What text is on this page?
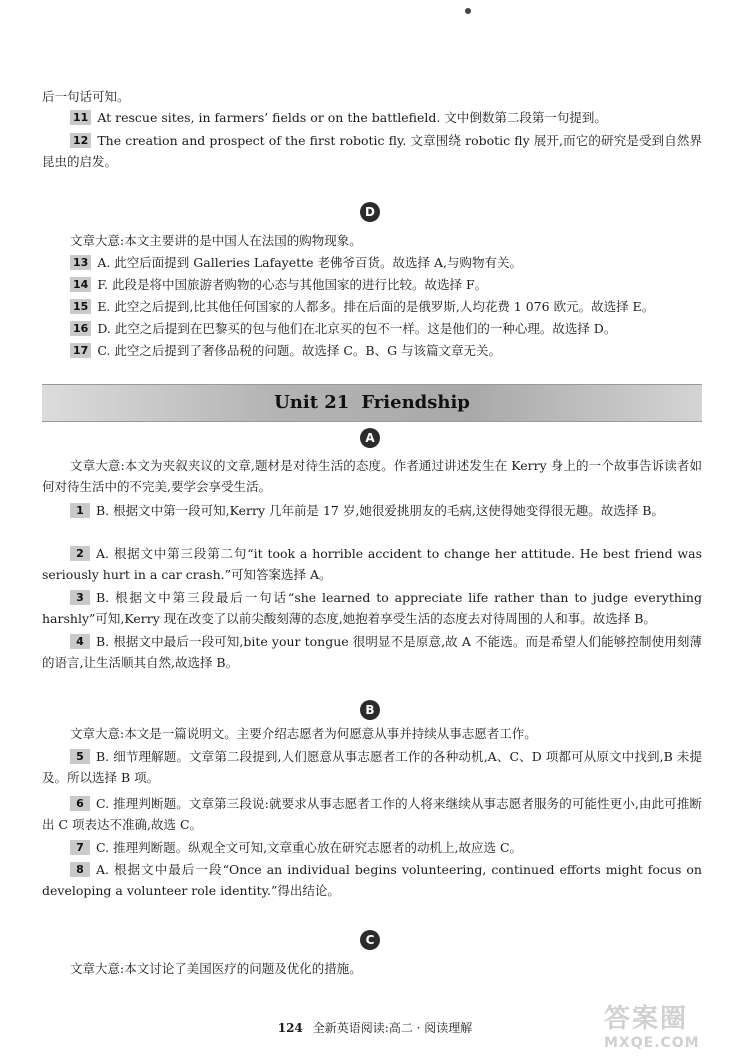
后一句话可知。
11 At rescue sites, in farmers’ fields or on the battlefield. 文中倒数第二段第一句提到。
12 The creation and prospect of the first robotic fly. 文章围绕 robotic fly 展开,而它的研究是受到自然界昆虫的启发。
D
文章大意:本文主要讲的是中国人在法国的购物现象。
13 A. 此空后面提到 Galleries Lafayette 老佛爷百货。故选择 A,与购物有关。
14 F. 此段是将中国旅游者购物的心态与其他国家的进行比较。故选择 F。
15 E. 此空之后提到,比其他任何国家的人都多。排在后面的是俄罗斯,人均花费 1 076 欧元。故选择 E。
16 D. 此空之后提到在巴黎买的包与他们在北京买的包不一样。这是他们的一种心理。故选择 D。
17 C. 此空之后提到了奢侈品税的问题。故选择 C。B、G 与该篇文章无关。
Unit 21 Friendship
A
文章大意:本文为夹叙夹议的文章,题材是对待生活的态度。作者通过讲述发生在 Kerry 身上的一个故事告诉读者如何对待生活中的不完美,要学会享受生活。
1 B. 根据文中第一段可知,Kerry 几年前是 17 岁,她很爱挑朋友的毛病,这使得她变得很无趣。故选择 B。
2 A. 根据文中第三段第二句“it took a horrible accident to change her attitude. He best friend was seriously hurt in a car crash.”可知答案选择 A。
3 B. 根据文中第三段最后一句话“she learned to appreciate life rather than to judge everything harshly”可知,Kerry 现在改变了以前尖酸刻薄的态度,她抱着享受生活的态度去对待周围的人和事。故选择 B。
4 B. 根据文中最后一段可知,bite your tongue 很明显不是原意,故 A 不能选。而是希望人们能够控制使用刻薄的语言,让生活顺其自然,故选择 B。
B
文章大意:本文是一篇说明文。主要介绍志愿者为何愿意从事并持续从事志愿者工作。
5 B. 细节理解题。文章第二段提到,人们愿意从事志愿者工作的各种动机,A、C、D 项都可从原文中找到,B 未提及。所以选择 B 项。
6 C. 推理判断题。文章第三段说:就要求从事志愿者工作的人将来继续从事志愿者服务的可能性更小,由此可推断出 C 项表达不准确,故选 C。
7 C. 推理判断题。纵观全文可知,文章重心放在研究志愿者的动机上,故应选 C。
8 A. 根据文中最后一段“Once an individual begins volunteering, continued efforts might focus on developing a volunteer role identity.”得出结论。
C
文章大意:本文讨论了美国医疗的问题及优化的措施。
124 全新英语阅读:高二 · 阅读理解	答案圈
MXQE.COM
